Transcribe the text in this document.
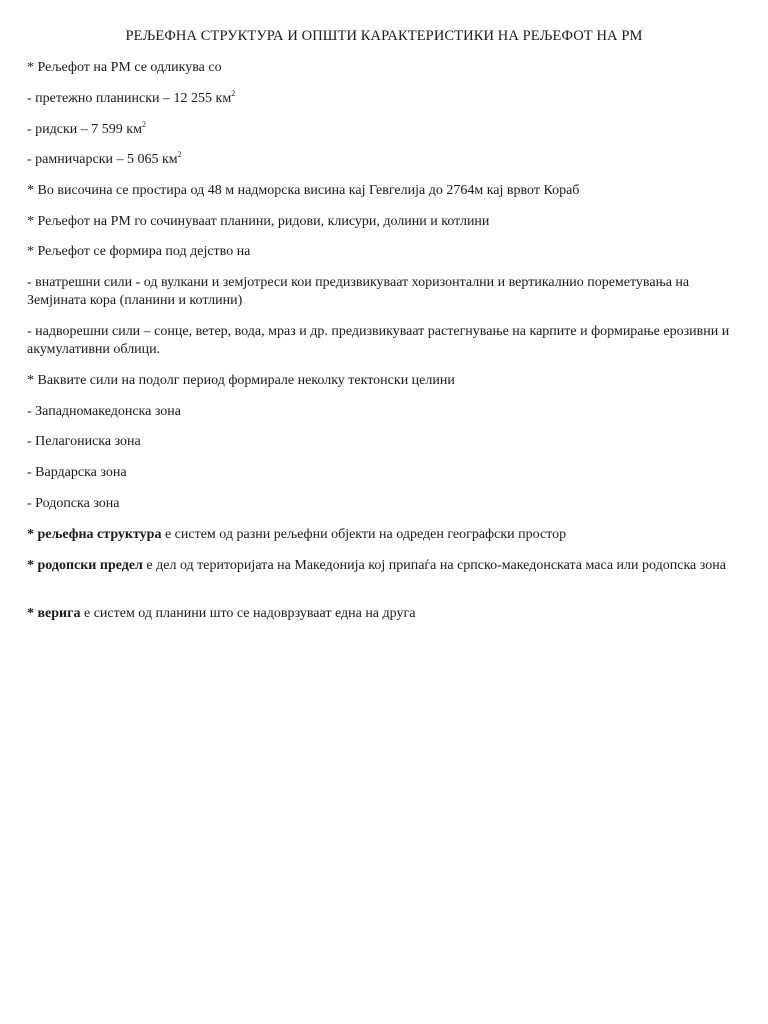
РЕЉЕФНА СТРУКТУРА И ОПШТИ КАРАКТЕРИСТИКИ НА РЕЉЕФОТ НА РМ

* Рељефот на РМ се одликува со

- претежно планински – 12 255 $км^2$

- ридски – 7 599 $км^2$

- рамничарски – 5 065 $км^2$

* Во височина се простира од 48 м надморска висина кај Гевгелија до 2764м кај врвот Кораб

* Рељефот на РМ го сочинуваат планини, ридови, клисури, долини и котлини

* Рељефот се формира под дејство на

- внатрешни сили - од вулкани и земјотреси кои предизвикуваат хоризонтални и вертикалнио пореметувања на Земјината кора (планини и котлини)

- надворешни сили – сонце, ветер, вода, мраз и др. предизвикуваат растегнување на карпите и формирање ерозивни и акумулативни облици.

* Ваквите сили на подолг период формирале неколку тектонски целини

- Западномакедонска зона

- Пелагониска зона

- Вардарска зона

- Родопска зона

* рељефна структура е систем од разни рељефни објекти на одреден географски простор

* родопски предел е дел од територијата на Македонија кој припаѓа на српско-македонската маса или родопска зона

* верига е систем од планини што се надоврзуваат една на друга
